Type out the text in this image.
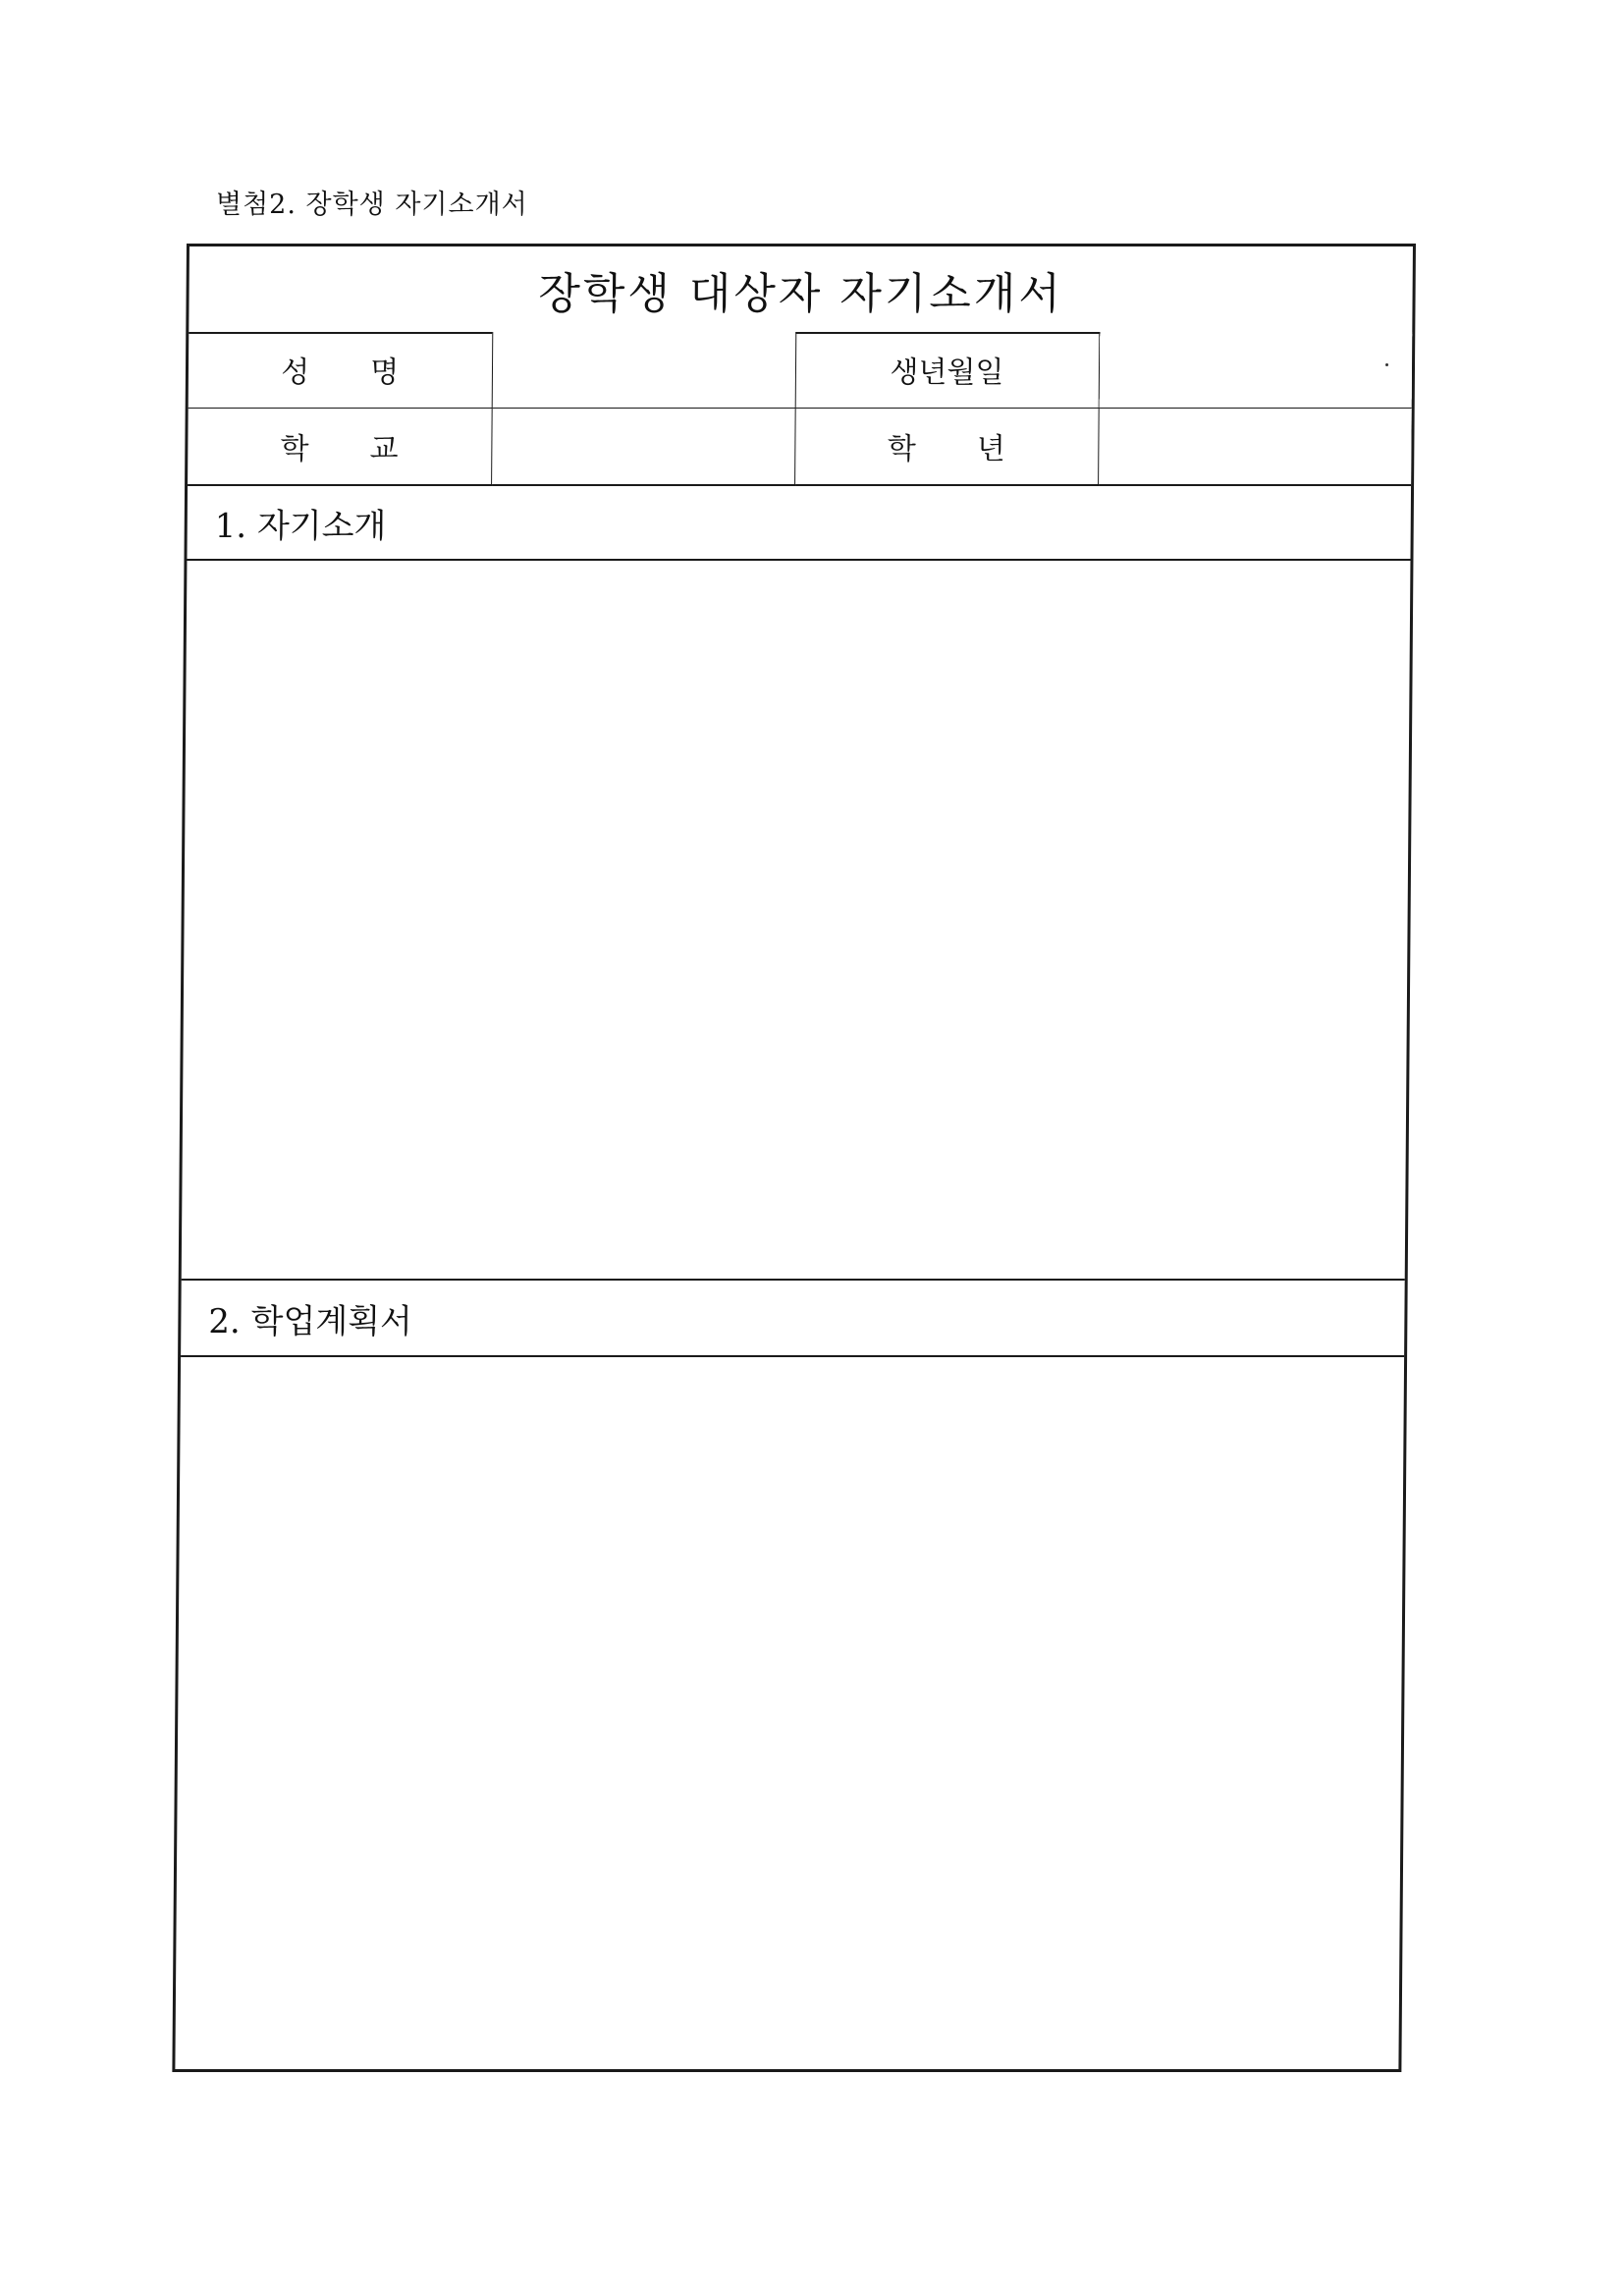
별첨2. 장학생 자기소개서
장학생 대상자 자기소개서
성명		생년월일	

학교		학년	
1. 자기소개
2. 학업계획서
